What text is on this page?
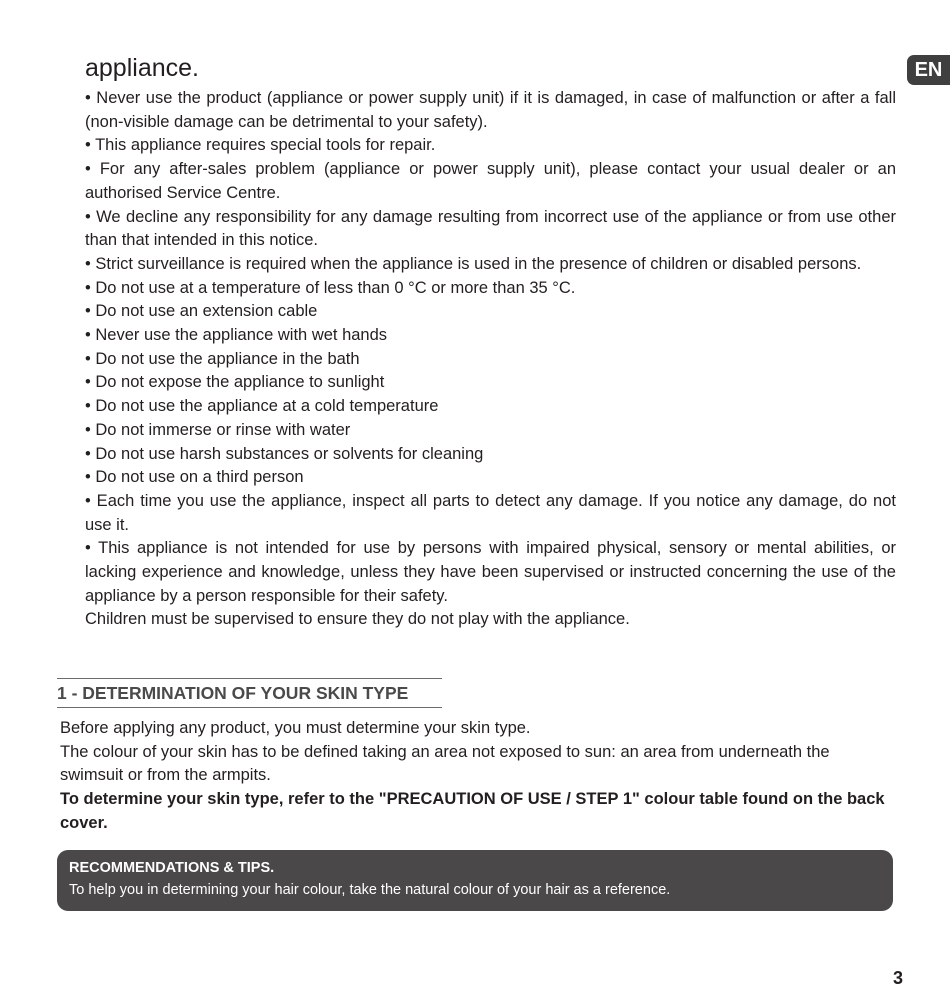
EN
appliance.

• Never use the product (appliance or power supply unit) if it is damaged, in case of malfunction or after a fall (non-visible damage can be detrimental to your safety).

• This appliance requires special tools for repair.

• For any after-sales problem (appliance or power supply unit), please contact your usual dealer or an authorised Service Centre.

• We decline any responsibility for any damage resulting from incorrect use of the appliance or from use other than that intended in this notice.

• Strict surveillance is required when the appliance is used in the presence of children or disabled persons.

• Do not use at a temperature of less than 0 °C or more than 35 °C.

• Do not use an extension cable

• Never use the appliance with wet hands

• Do not use the appliance in the bath

• Do not expose the appliance to sunlight

• Do not use the appliance at a cold temperature

• Do not immerse or rinse with water

• Do not use harsh substances or solvents for cleaning

• Do not use on a third person

• Each time you use the appliance, inspect all parts to detect any damage. If you notice any damage, do not use it.

• This appliance is not intended for use by persons with impaired physical, sensory or mental abilities, or lacking experience and knowledge, unless they have been supervised or instructed concerning the use of the appliance by a person responsible for their safety.

Children must be supervised to ensure they do not play with the appliance.

1 - DETERMINATION OF YOUR SKIN TYPE

Before applying any product, you must determine your skin type.

The colour of your skin has to be defined taking an area not exposed to sun: an area from underneath the swimsuit or from the armpits.

To determine your skin type, refer to the "PRECAUTION OF USE / STEP 1" colour table found on the back cover.

RECOMMENDATIONS & TIPS.
To help you in determining your hair colour, take the natural colour of your hair as a reference.
3
